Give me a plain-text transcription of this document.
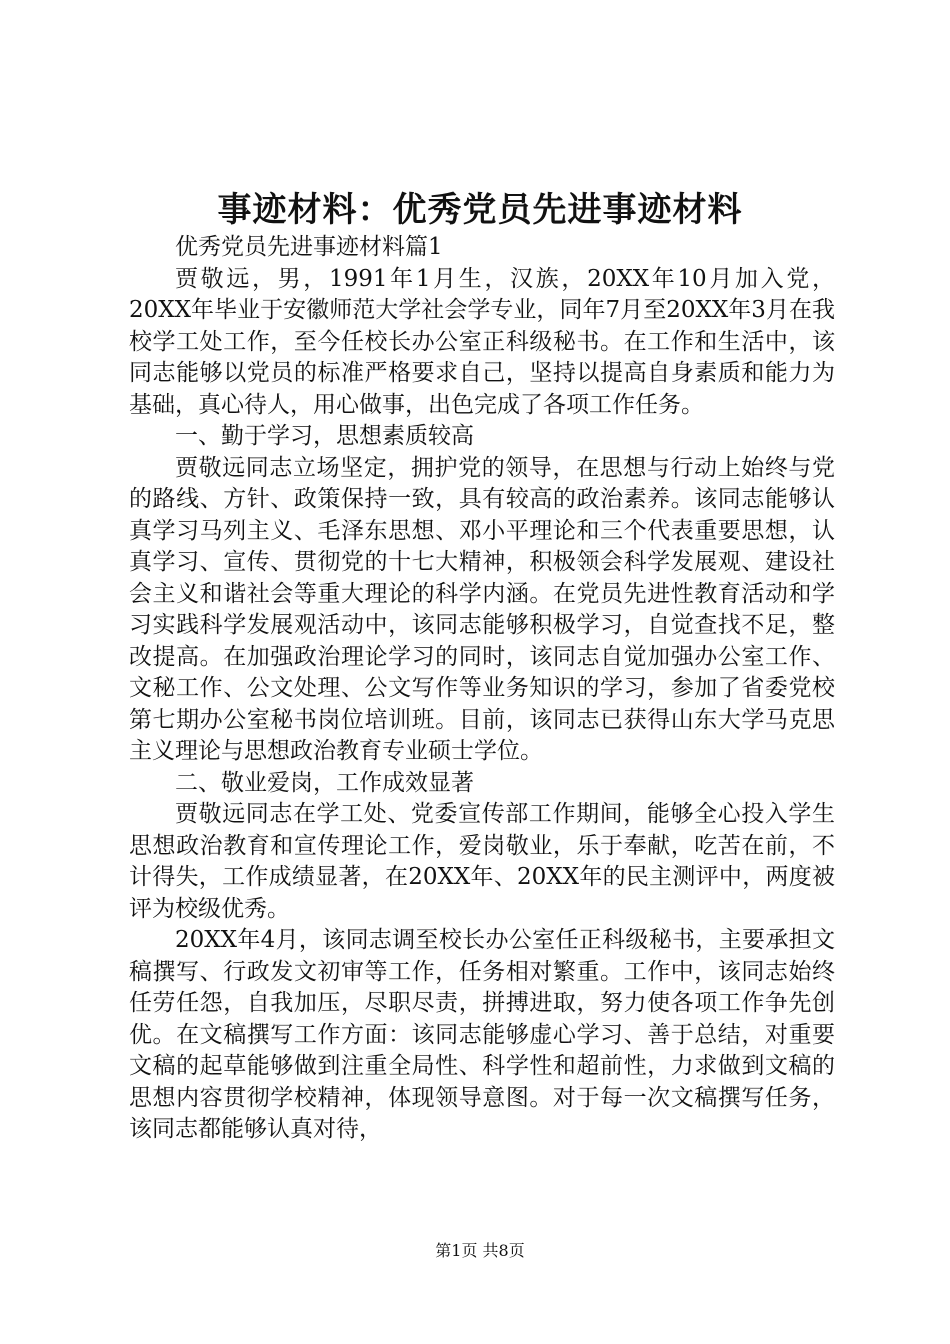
事迹材料：优秀党员先进事迹材料

优秀党员先进事迹材料篇1

贾敬远，男，1991年1月生，汉族，20XX年10月加入党，20XX年毕业于安徽师范大学社会学专业，同年7月至20XX年3月在我校学工处工作，至今任校长办公室正科级秘书。在工作和生活中，该同志能够以党员的标准严格要求自己，坚持以提高自身素质和能力为基础，真心待人，用心做事，出色完成了各项工作任务。

一、勤于学习，思想素质较高

贾敬远同志立场坚定，拥护党的领导，在思想与行动上始终与党的路线、方针、政策保持一致，具有较高的政治素养。该同志能够认真学习马列主义、毛泽东思想、邓小平理论和三个代表重要思想，认真学习、宣传、贯彻党的十七大精神，积极领会科学发展观、建设社会主义和谐社会等重大理论的科学内涵。在党员先进性教育活动和学习实践科学发展观活动中，该同志能够积极学习，自觉查找不足，整改提高。在加强政治理论学习的同时，该同志自觉加强办公室工作、文秘工作、公文处理、公文写作等业务知识的学习，参加了省委党校第七期办公室秘书岗位培训班。目前，该同志已获得山东大学马克思主义理论与思想政治教育专业硕士学位。

二、敬业爱岗，工作成效显著

贾敬远同志在学工处、党委宣传部工作期间，能够全心投入学生思想政治教育和宣传理论工作，爱岗敬业，乐于奉献，吃苦在前，不计得失，工作成绩显著，在20XX年、20XX年的民主测评中，两度被评为校级优秀。

20XX年4月，该同志调至校长办公室任正科级秘书，主要承担文稿撰写、行政发文初审等工作，任务相对繁重。工作中，该同志始终任劳任怨，自我加压，尽职尽责，拼搏进取，努力使各项工作争先创优。在文稿撰写工作方面：该同志能够虚心学习、善于总结，对重要文稿的起草能够做到注重全局性、科学性和超前性，力求做到文稿的思想内容贯彻学校精神，体现领导意图。对于每一次文稿撰写任务，该同志都能够认真对待，

第1页 共8页
